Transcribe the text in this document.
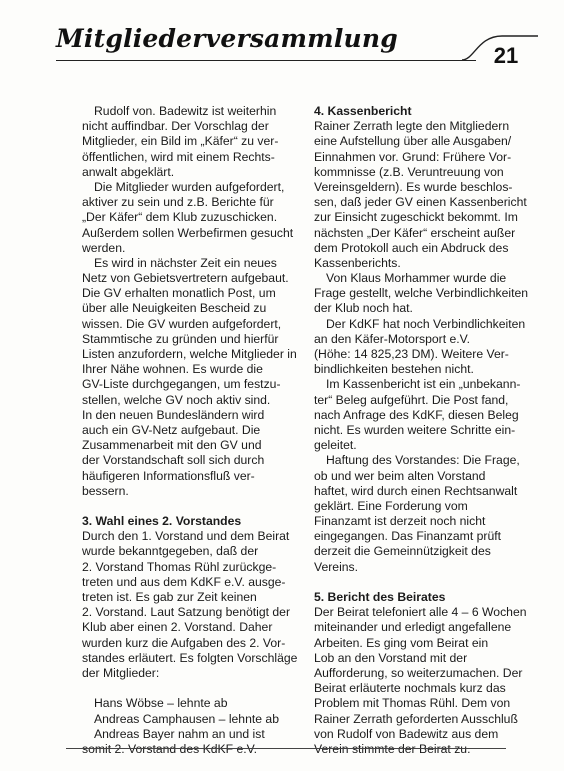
Mitgliederversammlung
21
Rudolf von. Badewitz ist weiterhin
nicht auffindbar. Der Vorschlag der
Mitglieder, ein Bild im „Käfer“ zu ver-
öffentlichen, wird mit einem Rechts-
anwalt abgeklärt.
Die Mitglieder wurden aufgefordert,
aktiver zu sein und z.B. Berichte für
„Der Käfer“ dem Klub zuzuschicken.
Außerdem sollen Werbefirmen gesucht
werden.
Es wird in nächster Zeit ein neues
Netz von Gebietsvertretern aufgebaut.
Die GV erhalten monatlich Post, um
über alle Neuigkeiten Bescheid zu
wissen. Die GV wurden aufgefordert,
Stammtische zu gründen und hierfür
Listen anzufordern, welche Mitglieder in
Ihrer Nähe wohnen. Es wurde die
GV-Liste durchgegangen, um festzu-
stellen, welche GV noch aktiv sind.
In den neuen Bundesländern wird
auch ein GV-Netz aufgebaut. Die
Zusammenarbeit mit den GV und
der Vorstandschaft soll sich durch
häufigeren Informationsfluß ver-
bessern.
3. Wahl eines 2. Vorstandes
Durch den 1. Vorstand und dem Beirat
wurde bekanntgegeben, daß der
2. Vorstand Thomas Rühl zurückge-
treten und aus dem KdKF e.V. ausge-
treten ist. Es gab zur Zeit keinen
2. Vorstand. Laut Satzung benötigt der
Klub aber einen 2. Vorstand. Daher
wurden kurz die Aufgaben des 2. Vor-
standes erläutert. Es folgten Vorschläge
der Mitglieder:
Hans Wöbse – lehnte ab
Andreas Camphausen – lehnte ab
Andreas Bayer nahm an und ist
somit 2. Vorstand des KdKF e.V.
4. Kassenbericht
Rainer Zerrath legte den Mitgliedern
eine Aufstellung über alle Ausgaben/
Einnahmen vor. Grund: Frühere Vor-
kommnisse (z.B. Veruntreuung von
Vereinsgeldern). Es wurde beschlos-
sen, daß jeder GV einen Kassenbericht
zur Einsicht zugeschickt bekommt. Im
nächsten „Der Käfer“ erscheint außer
dem Protokoll auch ein Abdruck des
Kassenberichts.
Von Klaus Morhammer wurde die
Frage gestellt, welche Verbindlichkeiten
der Klub noch hat.
Der KdKF hat noch Verbindlichkeiten
an den Käfer-Motorsport e.V.
(Höhe: 14 825,23 DM). Weitere Ver-
bindlichkeiten bestehen nicht.
Im Kassenbericht ist ein „unbekann-
ter“ Beleg aufgeführt. Die Post fand,
nach Anfrage des KdKF, diesen Beleg
nicht. Es wurden weitere Schritte ein-
geleitet.
Haftung des Vorstandes: Die Frage,
ob und wer beim alten Vorstand
haftet, wird durch einen Rechtsanwalt
geklärt. Eine Forderung vom
Finanzamt ist derzeit noch nicht
eingegangen. Das Finanzamt prüft
derzeit die Gemeinnützigkeit des
Vereins.
5. Bericht des Beirates
Der Beirat telefoniert alle 4 – 6 Wochen
miteinander und erledigt angefallene
Arbeiten. Es ging vom Beirat ein
Lob an den Vorstand mit der
Aufforderung, so weiterzumachen. Der
Beirat erläuterte nochmals kurz das
Problem mit Thomas Rühl. Dem von
Rainer Zerrath geforderten Ausschluß
von Rudolf von Badewitz aus dem
Verein stimmte der Beirat zu.
